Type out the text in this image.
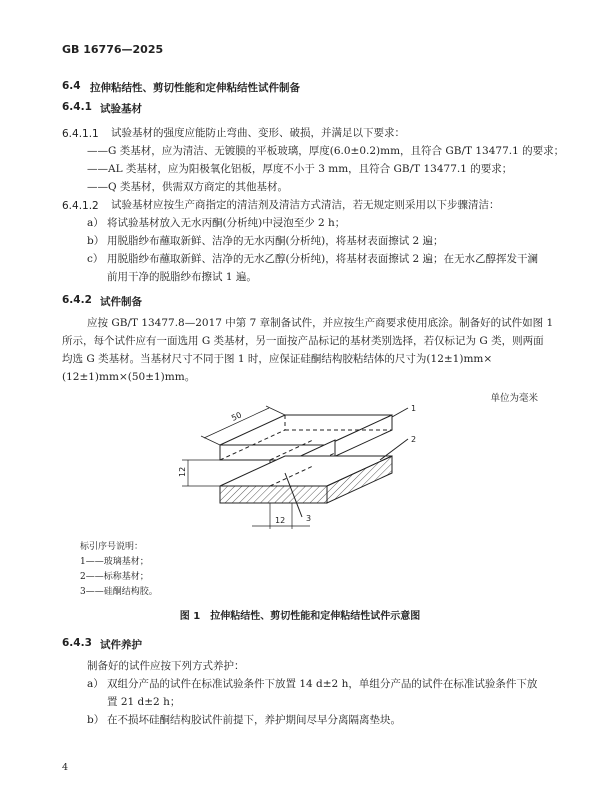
GB 16776—2025
6.4 拉伸粘结性、剪切性能和定伸粘结性试件制备
6.4.1 试验基材
6.4.1.1 试验基材的强度应能防止弯曲、变形、破损，并满足以下要求：
——G 类基材，应为清洁、无镀膜的平板玻璃，厚度(6.0±0.2)mm，且符合 GB/T 13477.1 的要求；
——AL 类基材，应为阳极氧化铝板，厚度不小于 3 mm，且符合 GB/T 13477.1 的要求；
——Q 类基材，供需双方商定的其他基材。
6.4.1.2 试验基材应按生产商指定的清洁剂及清洁方式清洁，若无规定则采用以下步骤清洁：
a） 将试验基材放入无水丙酮(分析纯)中浸泡至少 2 h；
b） 用脱脂纱布蘸取新鲜、洁净的无水丙酮(分析纯)，将基材表面擦试 2 遍；
c） 用脱脂纱布蘸取新鲜、洁净的无水乙醇(分析纯)，将基材表面擦试 2 遍；在无水乙醇挥发干澜
前用干净的脱脂纱布擦试 1 遍。
6.4.2 试件制备
应按 GB/T 13477.8—2017 中第 7 章制备试件，并应按生产商要求使用底涂。制备好的试件如图 1
所示，每个试件应有一面选用 G 类基材，另一面按产品标记的基材类别选择，若仅标记为 G 类，则两面
均选 G 类基材。当基材尺寸不同于图 1 时，应保证硅酮结构胶粘结体的尺寸为(12±1)mm×
(12±1)mm×(50±1)mm。
单位为毫米
1
2
3
50
12
12
标引序号说明：
1——玻璃基材；
2——标称基材；
3——硅酮结构胶。
图 1　拉伸粘结性、剪切性能和定伸粘结性试件示意图
6.4.3 试件养护
制备好的试件应按下列方式养护：
a） 双组分产品的试件在标准试验条件下放置 14 d±2 h，单组分产品的试件在标准试验条件下放
置 21 d±2 h；
b） 在不损坏硅酮结构胶试件前提下，养护期间尽早分离隔离垫块。
4
